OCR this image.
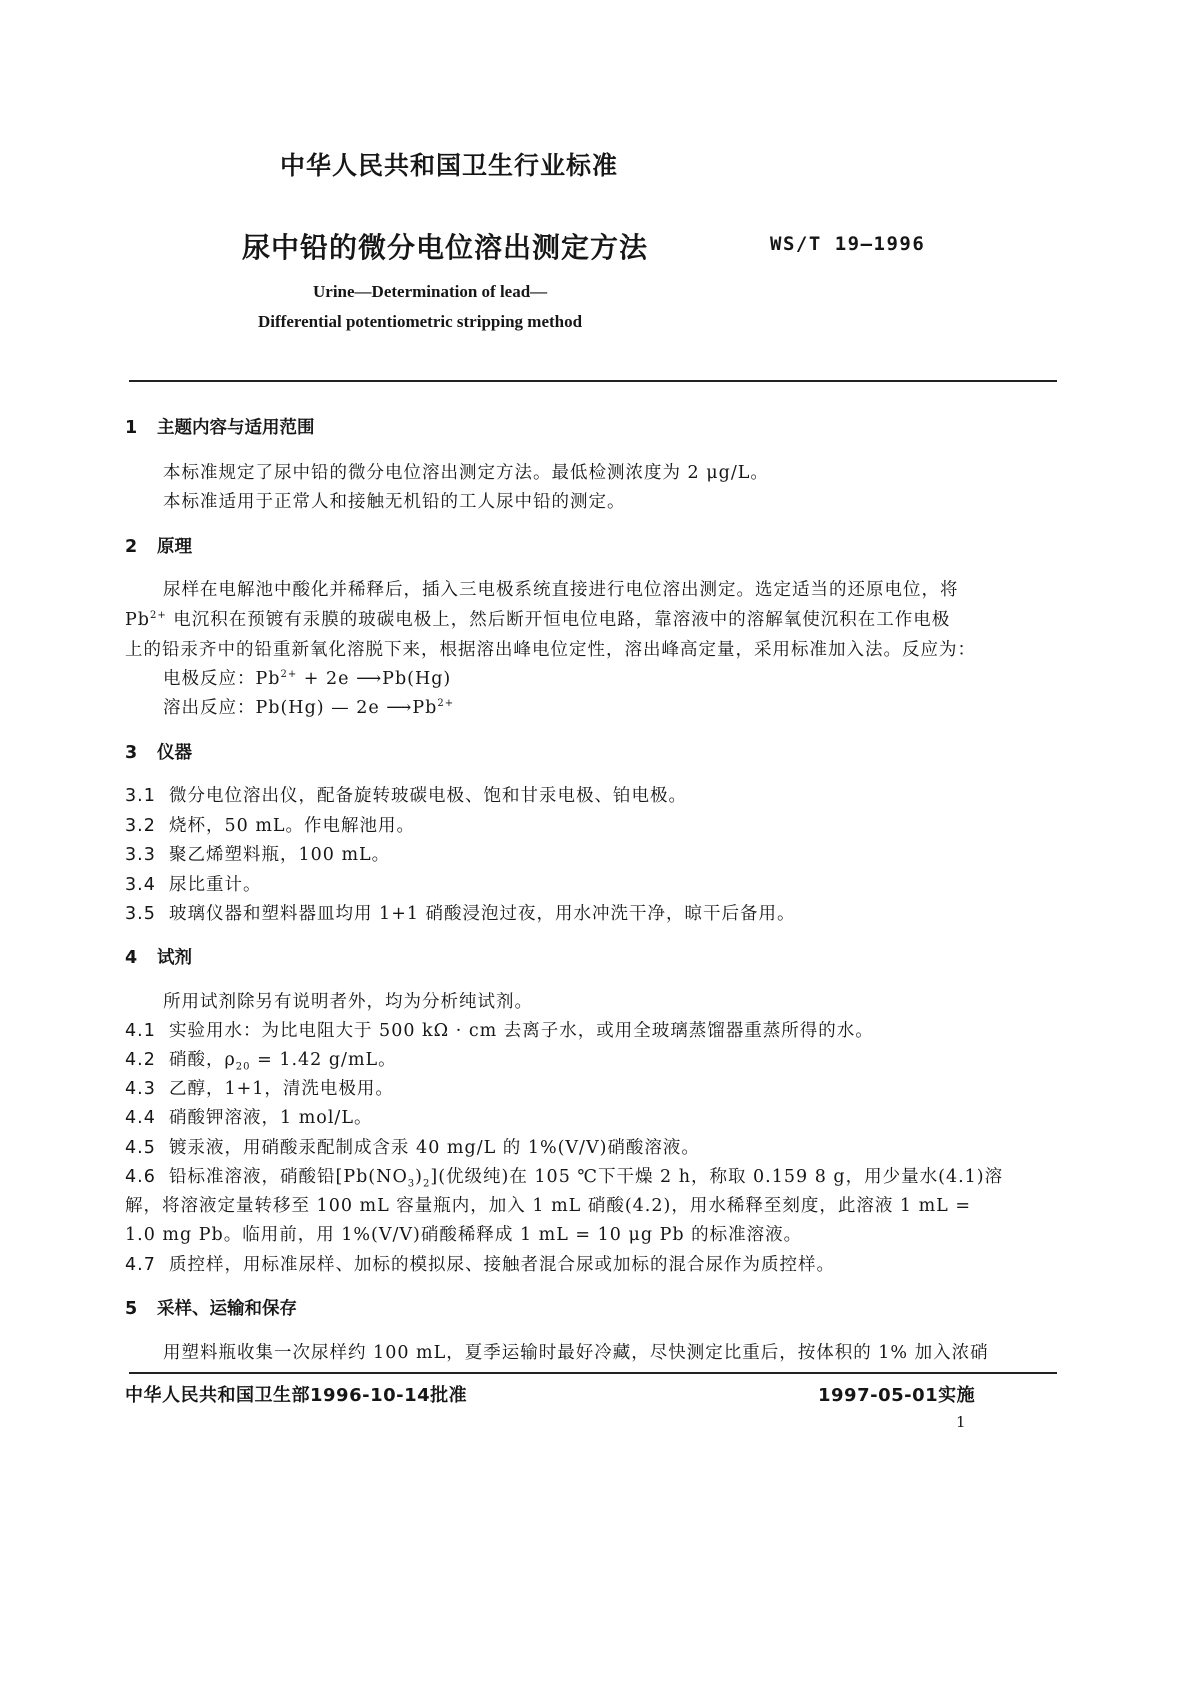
中华人民共和国卫生行业标准
尿中铅的微分电位溶出测定方法	WS/T 19—1996
Urine—Determination of lead—
Differential potentiometric stripping method
1 主题内容与适用范围
本标准规定了尿中铅的微分电位溶出测定方法。最低检测浓度为 2 μg/L。
本标准适用于正常人和接触无机铅的工人尿中铅的测定。
2 原理
尿样在电解池中酸化并稀释后，插入三电极系统直接进行电位溶出测定。选定适当的还原电位，将
$Pb^{2+}$ 电沉积在预镀有汞膜的玻碳电极上，然后断开恒电位电路，靠溶液中的溶解氧使沉积在工作电极
上的铅汞齐中的铅重新氧化溶脱下来，根据溶出峰电位定性，溶出峰高定量，采用标准加入法。反应为：
电极反应：$Pb^{2+} + 2e$ ⟶Pb(Hg)
溶出反应：Pb(Hg) — 2e $⟶Pb^{2+}$
3 仪器
3.1 微分电位溶出仪，配备旋转玻碳电极、饱和甘汞电极、铂电极。
3.2 烧杯，50 mL。作电解池用。
3.3 聚乙烯塑料瓶，100 mL。
3.4 尿比重计。
3.5 玻璃仪器和塑料器皿均用 1+1 硝酸浸泡过夜，用水冲洗干净，晾干后备用。
4 试剂
所用试剂除另有说明者外，均为分析纯试剂。
4.1 实验用水：为比电阻大于 500 kΩ · cm 去离子水，或用全玻璃蒸馏器重蒸所得的水。
4.2 硝酸，$\rho_{20} = 1.42$ g/mL。
4.3 乙醇，1+1，清洗电极用。
4.4 硝酸钾溶液，1 mol/L。
4.5 镀汞液，用硝酸汞配制成含汞 40 mg/L 的 1%(V/V)硝酸溶液。
4.6 铅标准溶液，硝酸铅$[Pb(NO_3)_2]$(优级纯)在 105 ℃下干燥 2 h，称取 0.159 8 g，用少量水(4.1)溶
解，将溶液定量转移至 100 mL 容量瓶内，加入 1 mL 硝酸(4.2)，用水稀释至刻度，此溶液 1 mL =
1.0 mg Pb。临用前，用 1%(V/V)硝酸稀释成 1 mL = 10 μg Pb 的标准溶液。
4.7 质控样，用标准尿样、加标的模拟尿、接触者混合尿或加标的混合尿作为质控样。
5 采样、运输和保存
用塑料瓶收集一次尿样约 100 mL，夏季运输时最好冷藏，尽快测定比重后，按体积的 1% 加入浓硝
中华人民共和国卫生部1996-10-14批准	1997-05-01实施
1
